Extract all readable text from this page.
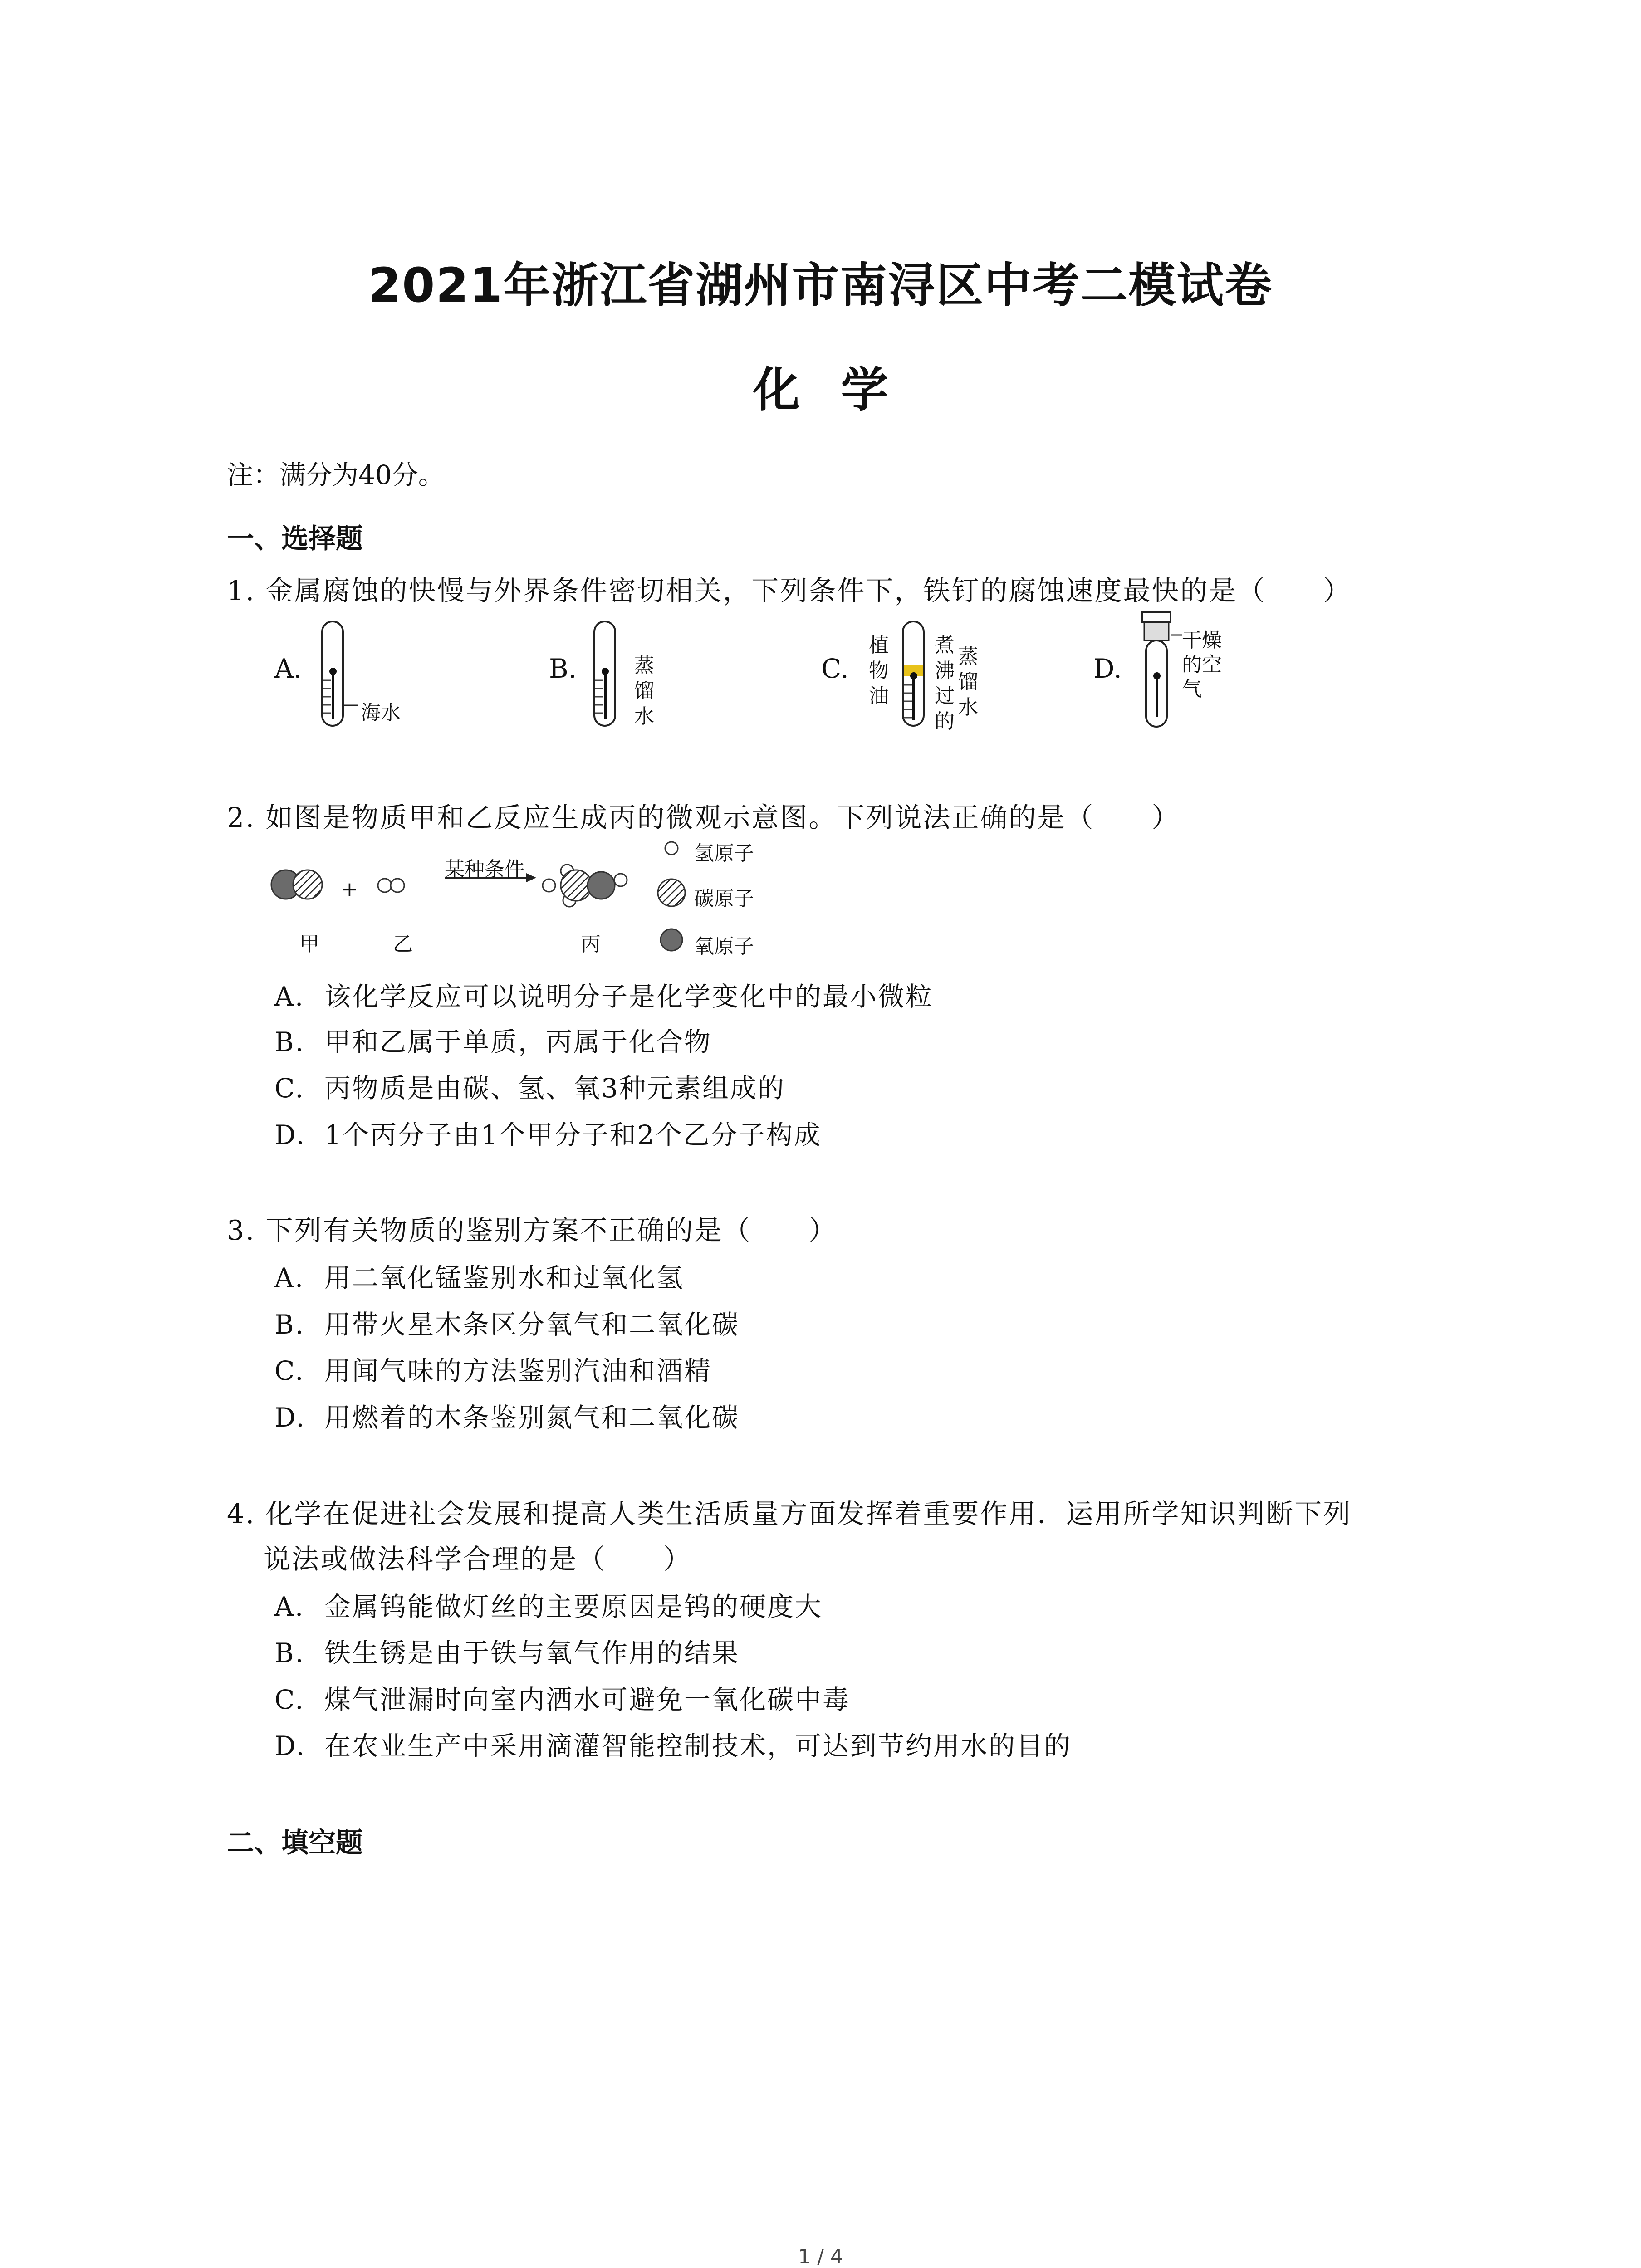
2021年浙江省湖州市南浔区中考二模试卷
化学
注：满分为40分。
一、选择题
1. 金属腐蚀的快慢与外界条件密切相关，下列条件下，铁钉的腐蚀速度最快的是（　　）
A.
海水
B.	蒸馏水
C.
植物油
煮沸过的
蒸馏水
D.
干燥的空气
2. 如图是物质甲和乙反应生成丙的微观示意图。下列说法正确的是（　　）
+
某种条件
甲	乙	丙
氢原子
碳原子
氧原子
A. 该化学反应可以说明分子是化学变化中的最小微粒
B. 甲和乙属于单质，丙属于化合物
C. 丙物质是由碳、氢、氧3种元素组成的
D. 1个丙分子由1个甲分子和2个乙分子构成
3. 下列有关物质的鉴别方案不正确的是（　　）
A. 用二氧化锰鉴别水和过氧化氢
B. 用带火星木条区分氧气和二氧化碳
C. 用闻气味的方法鉴别汽油和酒精
D. 用燃着的木条鉴别氮气和二氧化碳
4. 化学在促进社会发展和提高人类生活质量方面发挥着重要作用．运用所学知识判断下列
说法或做法科学合理的是（　　）
A. 金属钨能做灯丝的主要原因是钨的硬度大
B. 铁生锈是由于铁与氧气作用的结果
C. 煤气泄漏时向室内洒水可避免一氧化碳中毒
D. 在农业生产中采用滴灌智能控制技术，可达到节约用水的目的
二、填空题
1 / 4
